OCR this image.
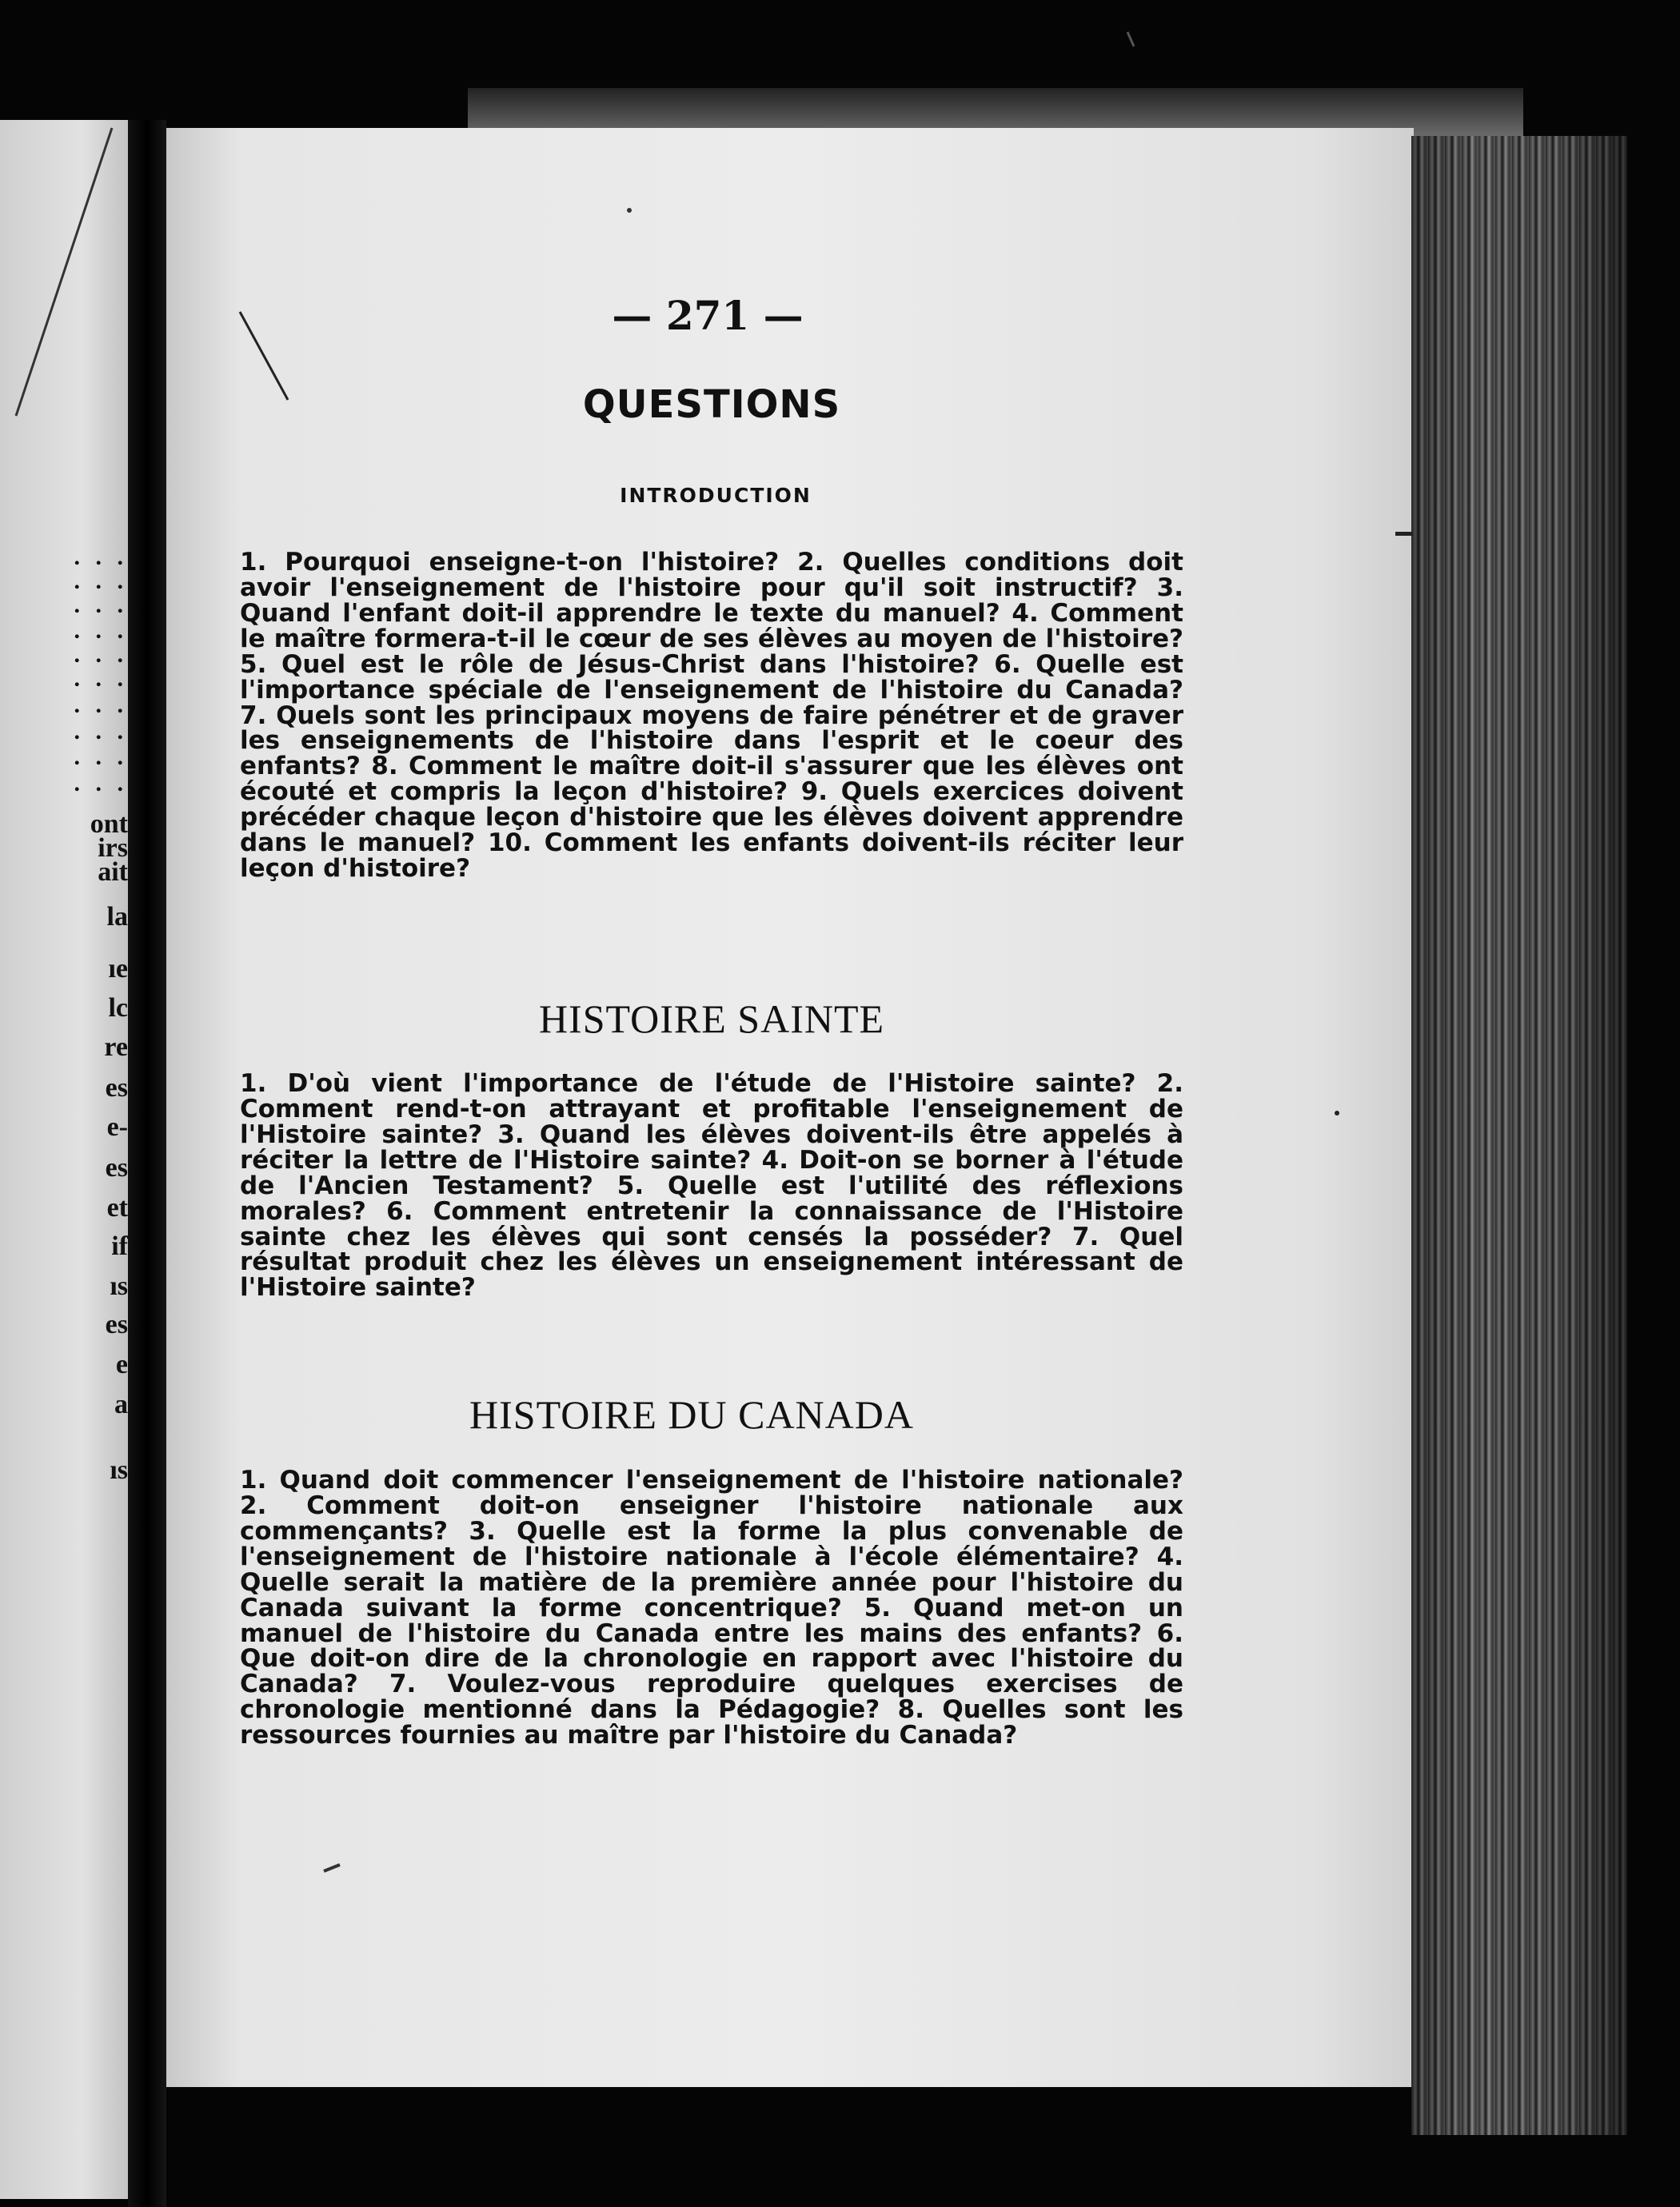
. . .
. . .
. . .
. . .
. . .
. . .
. . .
. . .
. . .
. . .
ont
irs
ait
la
ıe
lc
re
es
e-
es
et
if
ıs
es
e
a
ıs
— 271 —
QUESTIONS
INTRODUCTION
1. Pourquoi enseigne-t-on l'histoire? 2. Quelles conditions doit avoir l'enseignement de l'histoire pour qu'il soit instructif? 3. Quand l'enfant doit-il apprendre le texte du manuel? 4. Comment le maître formera-t-il le cœur de ses élèves au moyen de l'histoire? 5. Quel est le rôle de Jésus-Christ dans l'histoire? 6. Quelle est l'importance spéciale de l'enseignement de l'histoire du Canada? 7. Quels sont les principaux moyens de faire pénétrer et de graver les enseignements de l'histoire dans l'esprit et le coeur des enfants? 8. Comment le maître doit-il s'assurer que les élèves ont écouté et compris la leçon d'histoire? 9. Quels exercices doivent précéder chaque leçon d'histoire que les élèves doivent apprendre dans le manuel? 10. Comment les enfants doivent-ils réciter leur leçon d'histoire?
HISTOIRE SAINTE
1. D'où vient l'importance de l'étude de l'Histoire sainte? 2. Comment rend-t-on attrayant et profitable l'enseignement de l'Histoire sainte? 3. Quand les élèves doivent-ils être appelés à réciter la lettre de l'Histoire sainte? 4. Doit-on se borner à l'étude de l'Ancien Testament? 5. Quelle est l'utilité des réflexions morales? 6. Comment entretenir la connaissance de l'Histoire sainte chez les élèves qui sont censés la posséder? 7. Quel résultat produit chez les élèves un enseignement intéressant de l'Histoire sainte?
HISTOIRE DU CANADA
1. Quand doit commencer l'enseignement de l'histoire nationale? 2. Comment doit-on enseigner l'histoire nationale aux commençants? 3. Quelle est la forme la plus convenable de l'enseignement de l'histoire nationale à l'école élémentaire? 4. Quelle serait la matière de la première année pour l'histoire du Canada suivant la forme concentrique? 5. Quand met-on un manuel de l'histoire du Canada entre les mains des enfants? 6. Que doit-on dire de la chronologie en rapport avec l'histoire du Canada? 7. Voulez-vous reproduire quelques exercises de chronologie mentionné dans la Pédagogie? 8. Quelles sont les ressources fournies au maître par l'histoire du Canada?
